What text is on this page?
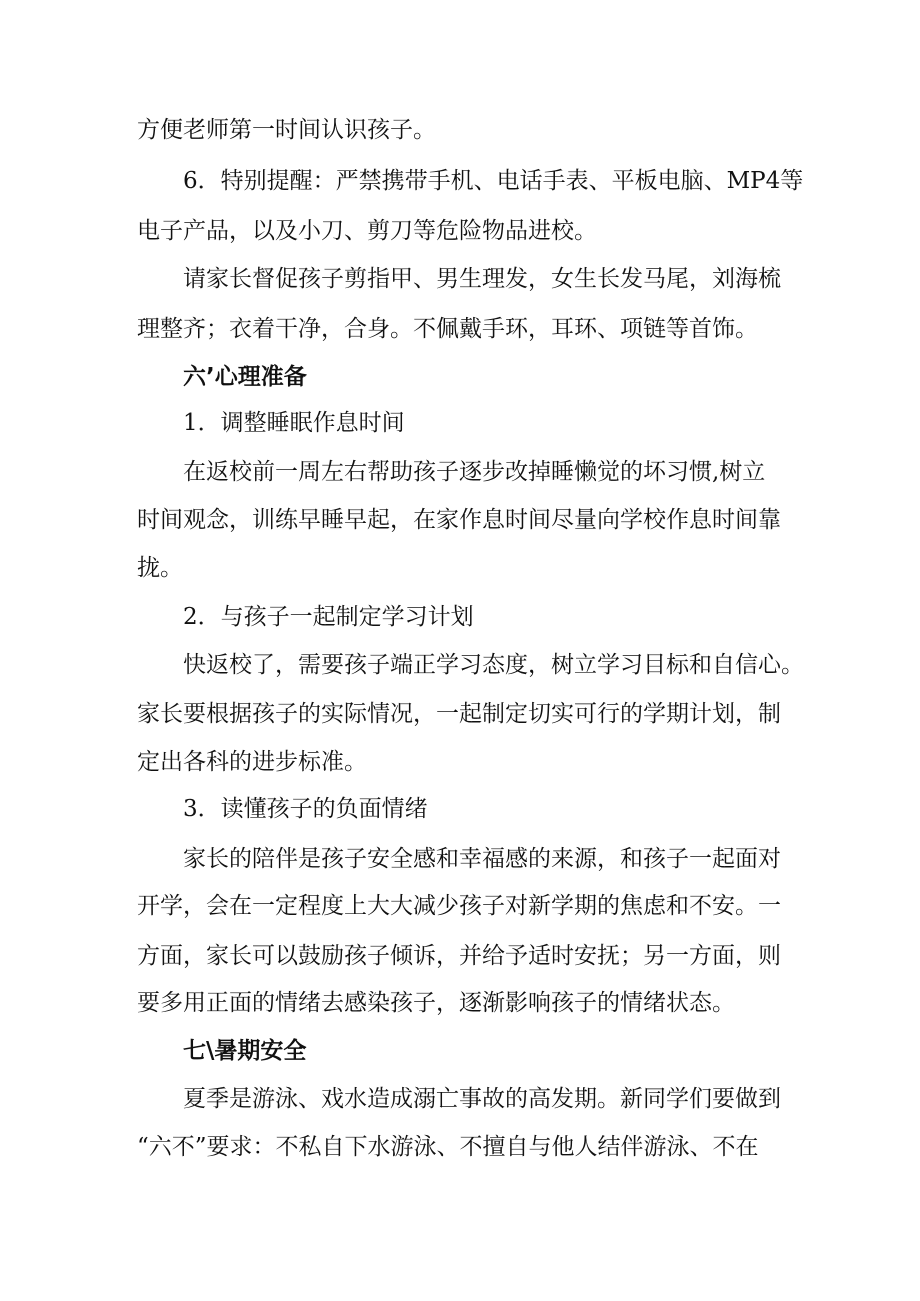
方便老师第一时间认识孩子。

6．特别提醒：严禁携带手机、电话手表、平板电脑、MP4等

电子产品，以及小刀、剪刀等危险物品进校。

请家长督促孩子剪指甲、男生理发，女生长发马尾，刘海梳

理整齐；衣着干净，合身。不佩戴手环，耳环、项链等首饰。

六’心理准备

1．调整睡眠作息时间

在返校前一周左右帮助孩子逐步改掉睡懒觉的坏习惯,树立

时间观念，训练早睡早起，在家作息时间尽量向学校作息时间靠

拢。

2．与孩子一起制定学习计划

快返校了，需要孩子端正学习态度，树立学习目标和自信心。

家长要根据孩子的实际情况，一起制定切实可行的学期计划，制

定出各科的进步标准。

3．读懂孩子的负面情绪

家长的陪伴是孩子安全感和幸福感的来源，和孩子一起面对

开学，会在一定程度上大大减少孩子对新学期的焦虑和不安。一

方面，家长可以鼓励孩子倾诉，并给予适时安抚；另一方面，则

要多用正面的情绪去感染孩子，逐渐影响孩子的情绪状态。

七\暑期安全

夏季是游泳、戏水造成溺亡事故的高发期。新同学们要做到

“六不”要求：不私自下水游泳、不擅自与他人结伴游泳、不在
